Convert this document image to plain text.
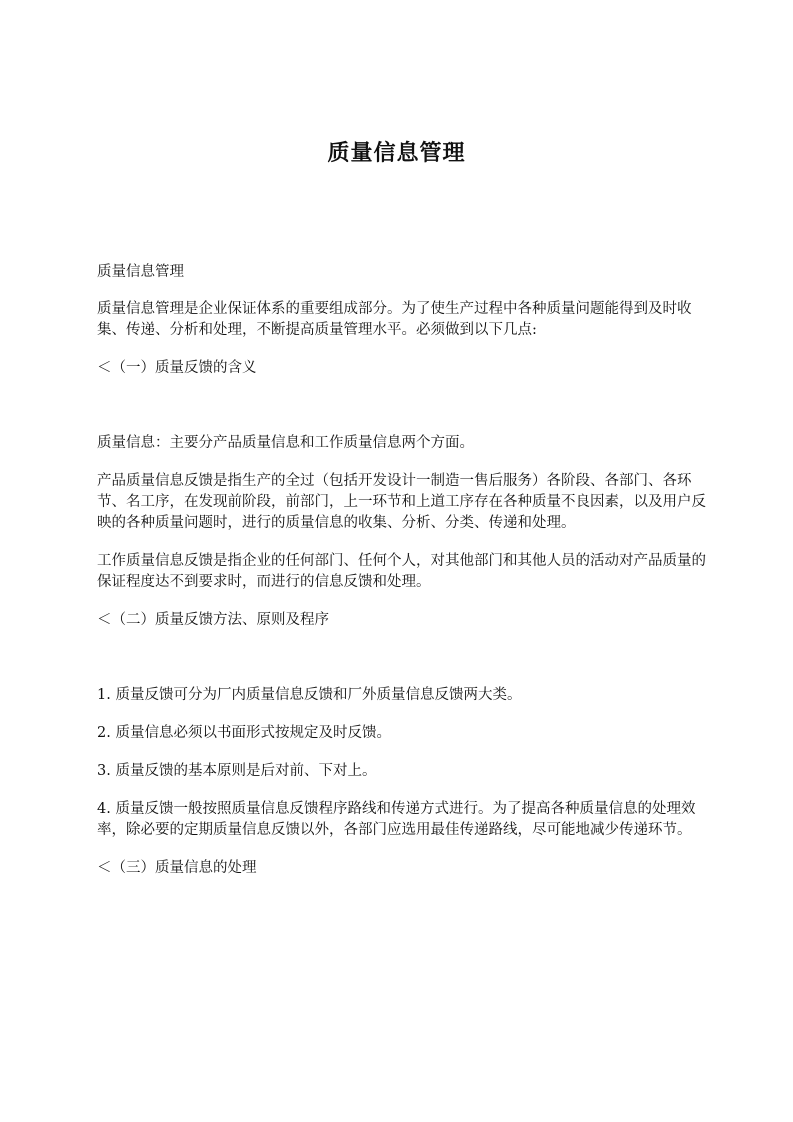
质量信息管理

质量信息管理

质量信息管理是企业保证体系的重要组成部分。为了使生产过程中各种质量问题能得到及时收集、传递、分析和处理，不断提高质量管理水平。必须做到以下几点:

＜（一）质量反馈的含义

质量信息：主要分产品质量信息和工作质量信息两个方面。

产品质量信息反馈是指生产的全过（包括开发设计一制造一售后服务）各阶段、各部门、各环节、名工序，在发现前阶段，前部门，上一环节和上道工序存在各种质量不良因素，以及用户反映的各种质量问题时，进行的质量信息的收集、分析、分类、传递和处理。

工作质量信息反馈是指企业的任何部门、任何个人，对其他部门和其他人员的活动对产品质量的保证程度达不到要求时，而进行的信息反馈和处理。

＜（二）质量反馈方法、原则及程序

1. 质量反馈可分为厂内质量信息反馈和厂外质量信息反馈两大类。

2. 质量信息必须以书面形式按规定及时反馈。

3. 质量反馈的基本原则是后对前、下对上。

4. 质量反馈一般按照质量信息反馈程序路线和传递方式进行。为了提高各种质量信息的处理效率，除必要的定期质量信息反馈以外，各部门应选用最佳传递路线，尽可能地减少传递环节。

＜（三）质量信息的处理
